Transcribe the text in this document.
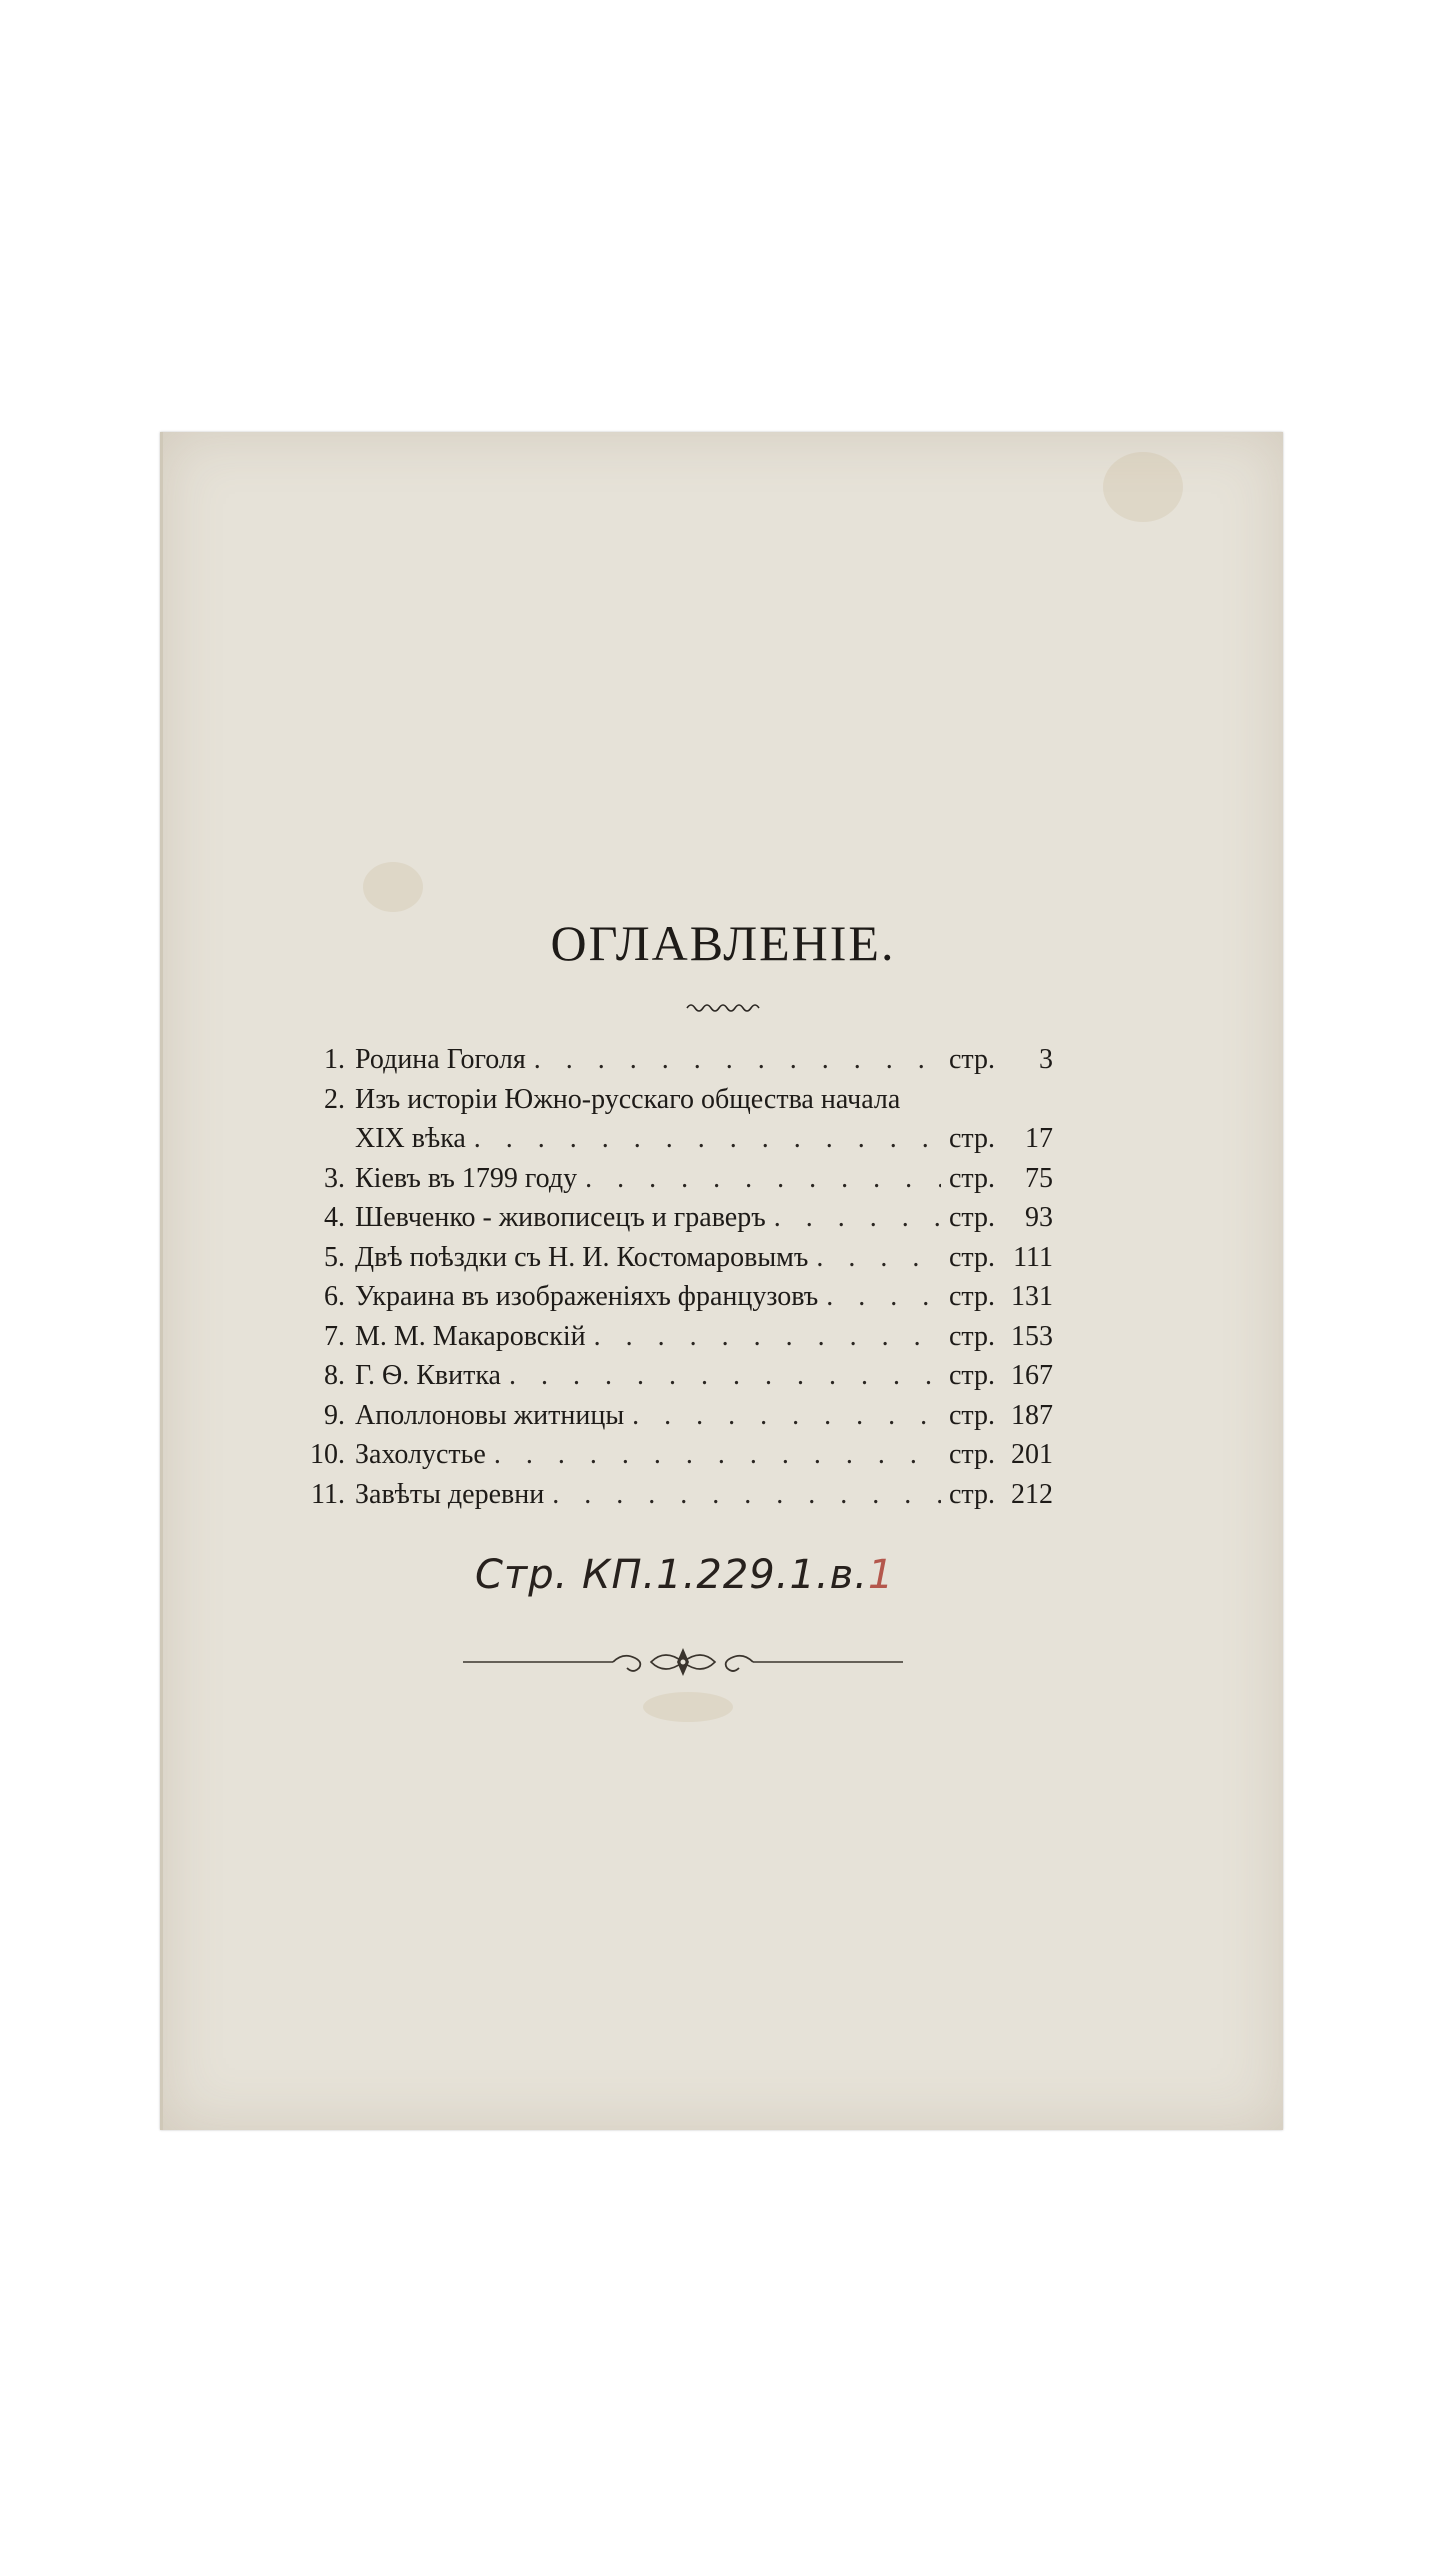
ОГЛАВЛЕНІЕ.
1. Родина Гоголя . . .	стр.	3
2. Изъ исторіи Южно-русскаго общества начала
XIX вѣка . . .	стр.	17
3. Кіевъ въ 1799 году . . .	стр.	75
4. Шевченко - живописецъ и граверъ . . .	стр.	93
5. Двѣ поѣздки съ Н. И. Костомаровымъ . . .	стр. 111
6. Украина въ изображеніяхъ французовъ . . .	стр. 131
7. М. М. Макаровскій . . .	стр. 153
8. Г. Ѳ. Квитка . . .	стр. 167
9. Аполлоновы житницы . . .	стр. 187
10. Захолустье . . .	стр. 201
11. Завѣты деревни . . .	стр. 212
Стр. КП.1.229.1.в.1
